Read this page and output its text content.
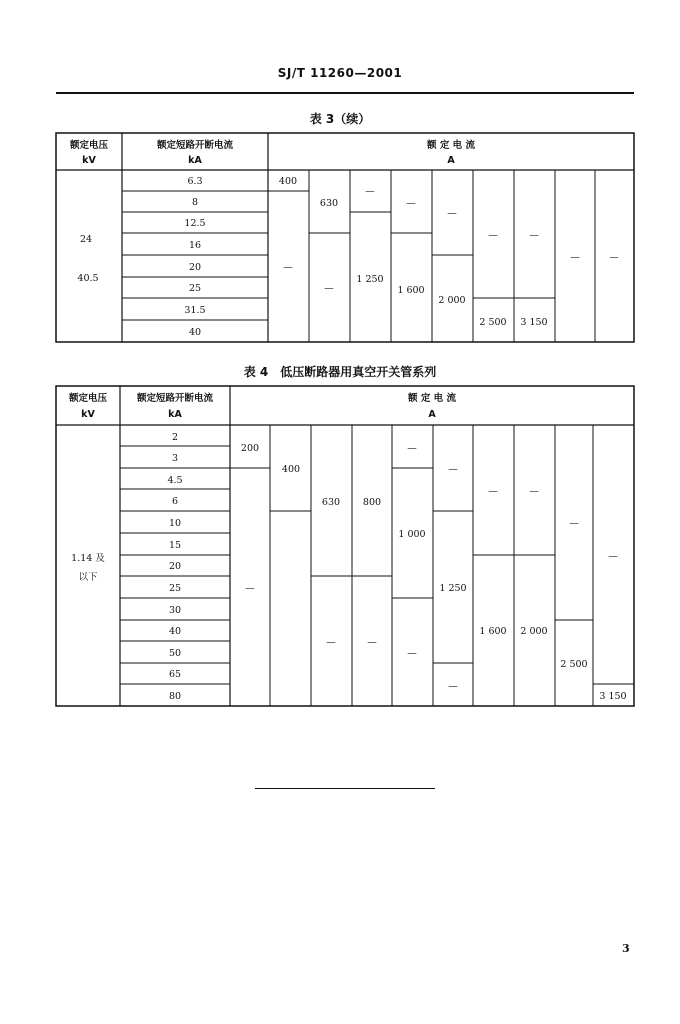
SJ/T 11260—2001
表 3（续）
额定电压
kV
额定短路开断电流
kA
额 定 电 流
A
24
40.5
6.3
8
12.5
16
20
25
31.5
40
400
—
630
—
—
1 250
—
1 600
—
2 000
—
2 500
—
3 150
—	—
表 4　低压断路器用真空开关管系列
额定电压
kV
额定短路开断电流
kA
额 定 电 流
A
1.14 及
以下
2
3
4.5
6
10
15
20
25
30
40
50
65
80
200
—
400
630
—
800
—
—
1 000
—
—
1 250
—
—
1 600
—
2 000
—
2 500
—
3 150
3
